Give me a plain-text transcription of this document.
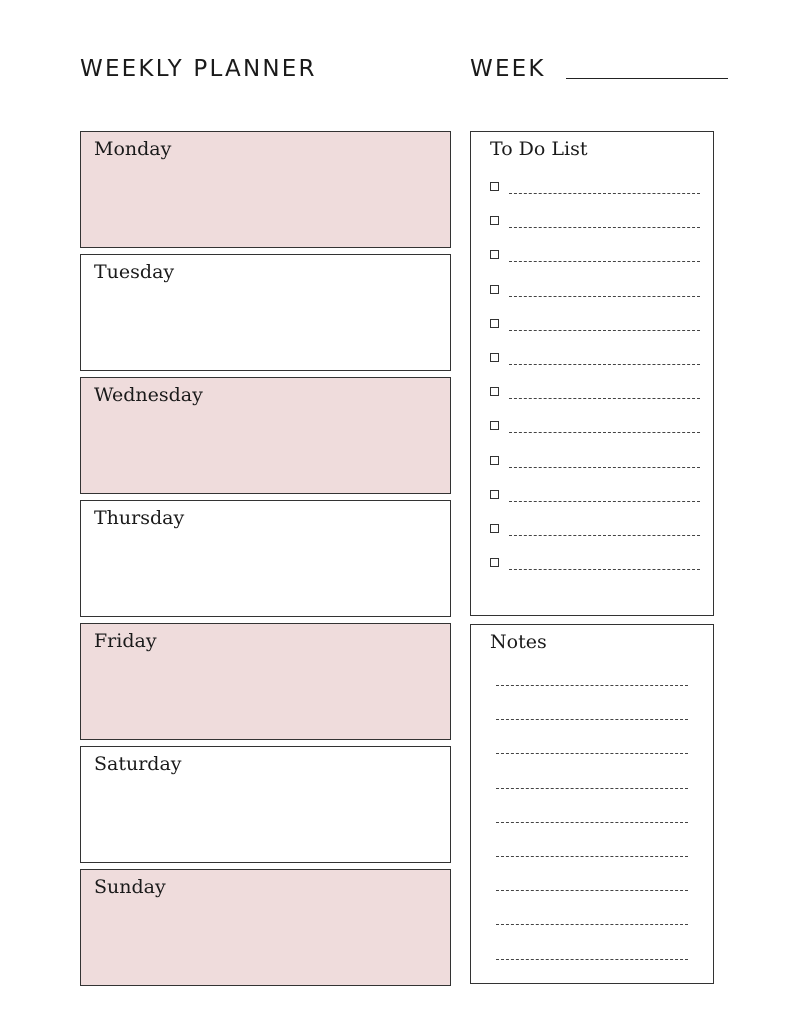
WEEKLY PLANNER	WEEK
Monday
Tuesday
Wednesday
Thursday
Friday
Saturday
Sunday
To Do List
Notes
